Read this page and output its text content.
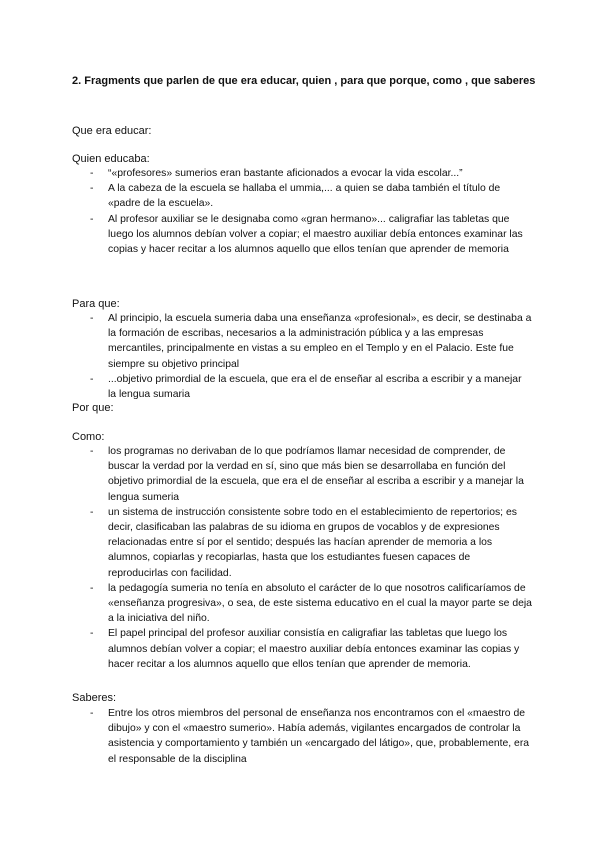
2. Fragments que parlen de que era educar, quien , para que porque, como , que saberes
Que era educar:
Quien educaba:
- “«profesores» sumerios eran bastante aficionados a evocar la vida escolar...”
- A la cabeza de la escuela se hallaba el ummia,... a quien se daba también el título de «padre de la escuela».
- Al profesor auxiliar se le designaba como «gran hermano»... caligrafiar las tabletas que luego los alumnos debían volver a copiar; el maestro auxiliar debía entonces examinar las copias y hacer recitar a los alumnos aquello que ellos tenían que aprender de memoria
Para que:
- Al principio, la escuela sumeria daba una enseñanza «profesional», es decir, se destinaba a la formación de escribas, necesarios a la administración pública y a las empresas mercantiles, principalmente en vistas a su empleo en el Templo y en el Palacio. Este fue siempre su objetivo principal
- ...objetivo primordial de la escuela, que era el de enseñar al escriba a escribir y a manejar la lengua sumaria
Por que:
Como:
- los programas no derivaban de lo que podríamos llamar necesidad de comprender, de buscar la verdad por la verdad en sí, sino que más bien se desarrollaba en función del objetivo primordial de la escuela, que era el de enseñar al escriba a escribir y a manejar la lengua sumeria
- un sistema de instrucción consistente sobre todo en el establecimiento de repertorios; es decir, clasificaban las palabras de su idioma en grupos de vocablos y de expresiones relacionadas entre sí por el sentido; después las hacían aprender de memoria a los alumnos, copiarlas y recopiarlas, hasta que los estudiantes fuesen capaces de reproducirlas con facilidad.
- la pedagogía sumeria no tenía en absoluto el carácter de lo que nosotros calificaríamos de «enseñanza progresiva», o sea, de este sistema educativo en el cual la mayor parte se deja a la iniciativa del niño.
- El papel principal del profesor auxiliar consistía en caligrafiar las tabletas que luego los alumnos debían volver a copiar; el maestro auxiliar debía entonces examinar las copias y hacer recitar a los alumnos aquello que ellos tenían que aprender de memoria.
Saberes:
- Entre los otros miembros del personal de enseñanza nos encontramos con el «maestro de dibujo» y con el «maestro sumerio». Había además, vigilantes encargados de controlar la asistencia y comportamiento y también un «encargado del látigo», que, probablemente, era el responsable de la disciplina
